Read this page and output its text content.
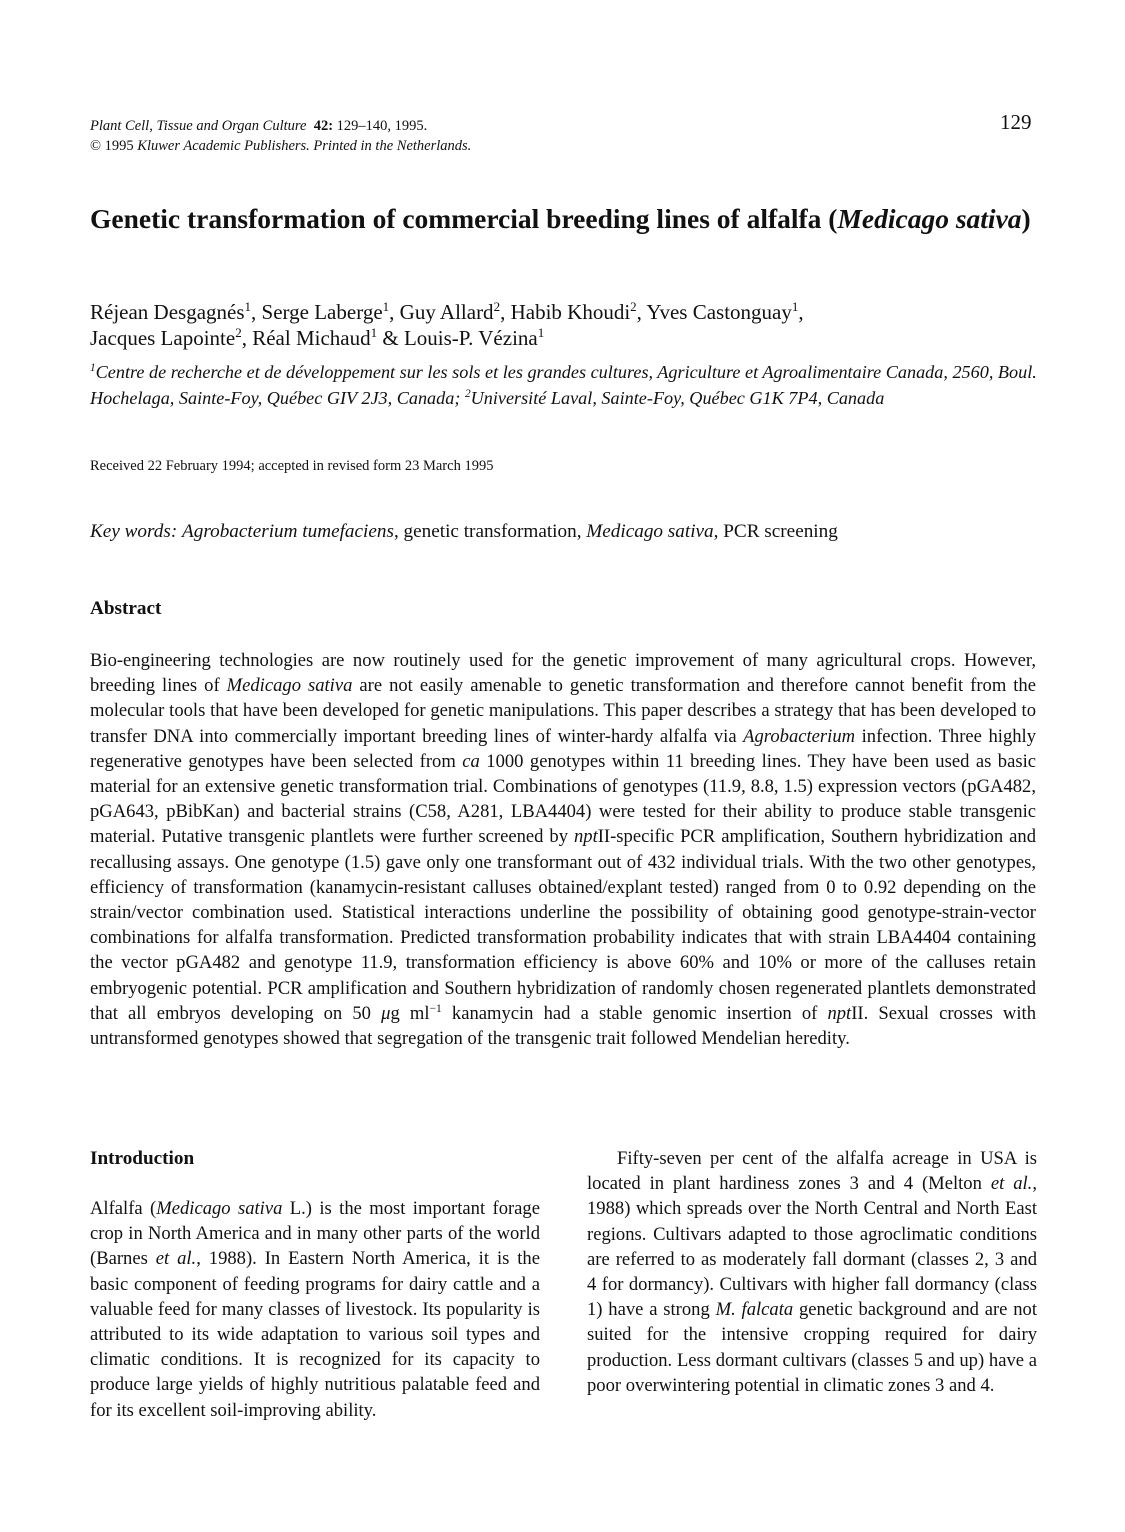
Plant Cell, Tissue and Organ Culture 42: 129–140, 1995.
© 1995 Kluwer Academic Publishers. Printed in the Netherlands.
129
Genetic transformation of commercial breeding lines of alfalfa (Medicago sativa)
Réjean Desgagnés$^1$, Serge Laberge$^1$, Guy Allard$^2$, Habib Khoudi$^2$, Yves Castonguay$^1$,
Jacques Lapointe$^2$, Réal Michaud$^1$ & Louis-P. Vézina$^1$
$^1$Centre de recherche et de développement sur les sols et les grandes cultures, Agriculture et Agroalimentaire Canada, 2560, Boul. Hochelaga, Sainte-Foy, Québec GIV 2J3, Canada; $^2$Université Laval, Sainte-Foy, Québec G1K 7P4, Canada
Received 22 February 1994; accepted in revised form 23 March 1995
Key words: Agrobacterium tumefaciens, genetic transformation, Medicago sativa, PCR screening
Abstract
Bio-engineering technologies are now routinely used for the genetic improvement of many agricultural crops. However, breeding lines of Medicago sativa are not easily amenable to genetic transformation and therefore cannot benefit from the molecular tools that have been developed for genetic manipulations. This paper describes a strategy that has been developed to transfer DNA into commercially important breeding lines of winter-hardy alfalfa via Agrobacterium infection. Three highly regenerative genotypes have been selected from ca 1000 genotypes within 11 breeding lines. They have been used as basic material for an extensive genetic transformation trial. Combinations of genotypes (11.9, 8.8, 1.5) expression vectors (pGA482, pGA643, pBibKan) and bacterial strains (C58, A281, LBA4404) were tested for their ability to produce stable transgenic material. Putative transgenic plantlets were further screened by nptII-specific PCR amplification, Southern hybridization and recallusing assays. One genotype (1.5) gave only one transformant out of 432 individual trials. With the two other genotypes, efficiency of transformation (kanamycin-resistant calluses obtained/explant tested) ranged from 0 to 0.92 depending on the strain/vector combination used. Statistical interactions underline the possibility of obtaining good genotype-strain-vector combinations for alfalfa transformation. Predicted transformation probability indicates that with strain LBA4404 containing the vector pGA482 and genotype 11.9, transformation efficiency is above 60% and 10% or more of the calluses retain embryogenic potential. PCR amplification and Southern hybridization of randomly chosen regenerated plantlets demonstrated that all embryos developing on 50 μg $ml^{-1}$ kanamycin had a stable genomic insertion of nptII. Sexual crosses with untransformed genotypes showed that segregation of the transgenic trait followed Mendelian heredity.
Introduction
Alfalfa (Medicago sativa L.) is the most important forage crop in North America and in many other parts of the world (Barnes et al., 1988). In Eastern North America, it is the basic component of feeding programs for dairy cattle and a valuable feed for many classes of livestock. Its popularity is attributed to its wide adaptation to various soil types and climatic conditions. It is recognized for its capacity to produce large yields of highly nutritious palatable feed and for its excellent soil-improving ability.
Fifty-seven per cent of the alfalfa acreage in USA is located in plant hardiness zones 3 and 4 (Melton et al., 1988) which spreads over the North Central and North East regions. Cultivars adapted to those agroclimatic conditions are referred to as moderately fall dormant (classes 2, 3 and 4 for dormancy). Cultivars with higher fall dormancy (class 1) have a strong M. falcata genetic background and are not suited for the intensive cropping required for dairy production. Less dormant cultivars (classes 5 and up) have a poor overwintering potential in climatic zones 3 and 4.
